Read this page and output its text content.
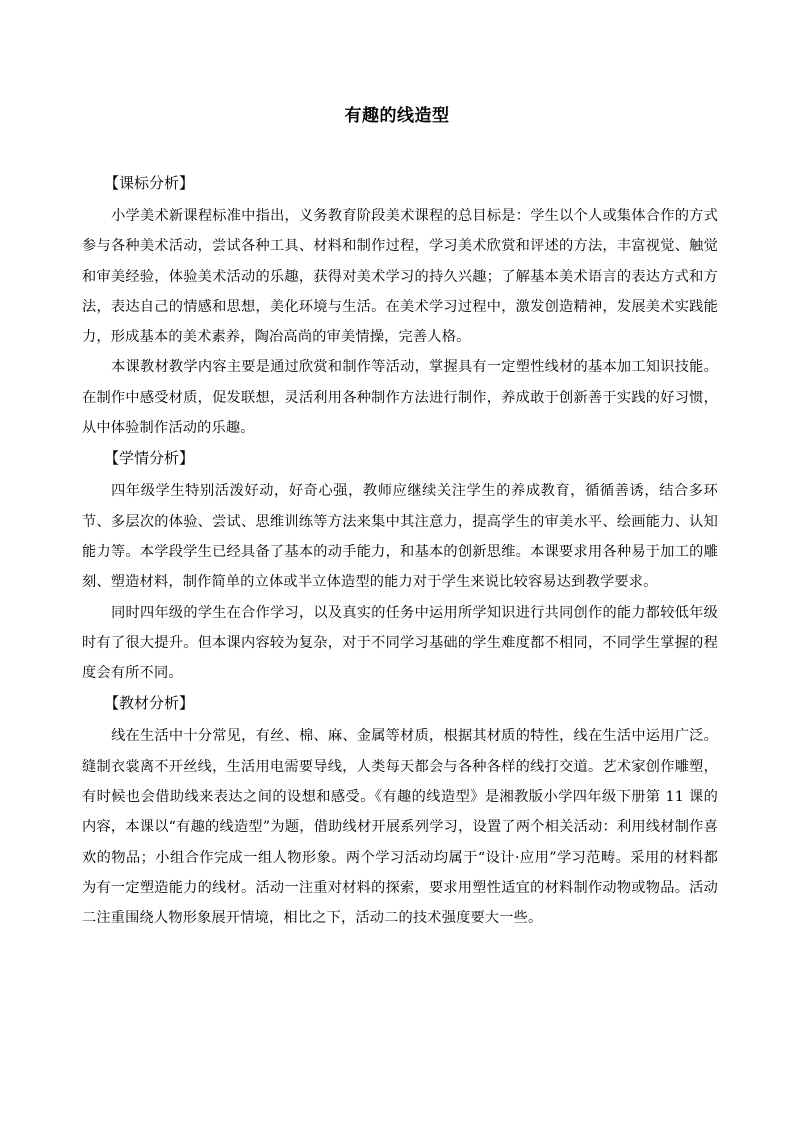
有趣的线造型
【课标分析】

小学美术新课程标准中指出，义务教育阶段美术课程的总目标是：学生以个人或集体合作的方式参与各种美术活动，尝试各种工具、材料和制作过程，学习美术欣赏和评述的方法，丰富视觉、触觉和审美经验，体验美术活动的乐趣，获得对美术学习的持久兴趣；了解基本美术语言的表达方式和方法，表达自己的情感和思想，美化环境与生活。在美术学习过程中，激发创造精神，发展美术实践能力，形成基本的美术素养，陶冶高尚的审美情操，完善人格。

本课教材教学内容主要是通过欣赏和制作等活动，掌握具有一定塑性线材的基本加工知识技能。在制作中感受材质，促发联想，灵活利用各种制作方法进行制作，养成敢于创新善于实践的好习惯，从中体验制作活动的乐趣。

【学情分析】

四年级学生特别活泼好动，好奇心强，教师应继续关注学生的养成教育，循循善诱，结合多环节、多层次的体验、尝试、思维训练等方法来集中其注意力，提高学生的审美水平、绘画能力、认知能力等。本学段学生已经具备了基本的动手能力，和基本的创新思维。本课要求用各种易于加工的雕刻、塑造材料，制作简单的立体或半立体造型的能力对于学生来说比较容易达到教学要求。

同时四年级的学生在合作学习，以及真实的任务中运用所学知识进行共同创作的能力都较低年级时有了很大提升。但本课内容较为复杂，对于不同学习基础的学生难度都不相同，不同学生掌握的程度会有所不同。

【教材分析】

线在生活中十分常见，有丝、棉、麻、金属等材质，根据其材质的特性，线在生活中运用广泛。缝制衣裳离不开丝线，生活用电需要导线，人类每天都会与各种各样的线打交道。艺术家创作雕塑，有时候也会借助线来表达之间的设想和感受。《有趣的线造型》是湘教版小学四年级下册第 11 课的内容，本课以“有趣的线造型”为题，借助线材开展系列学习，设置了两个相关活动：利用线材制作喜欢的物品；小组合作完成一组人物形象。两个学习活动均属于“设计·应用”学习范畴。采用的材料都为有一定塑造能力的线材。活动一注重对材料的探索，要求用塑性适宜的材料制作动物或物品。活动二注重围绕人物形象展开情境，相比之下，活动二的技术强度要大一些。
